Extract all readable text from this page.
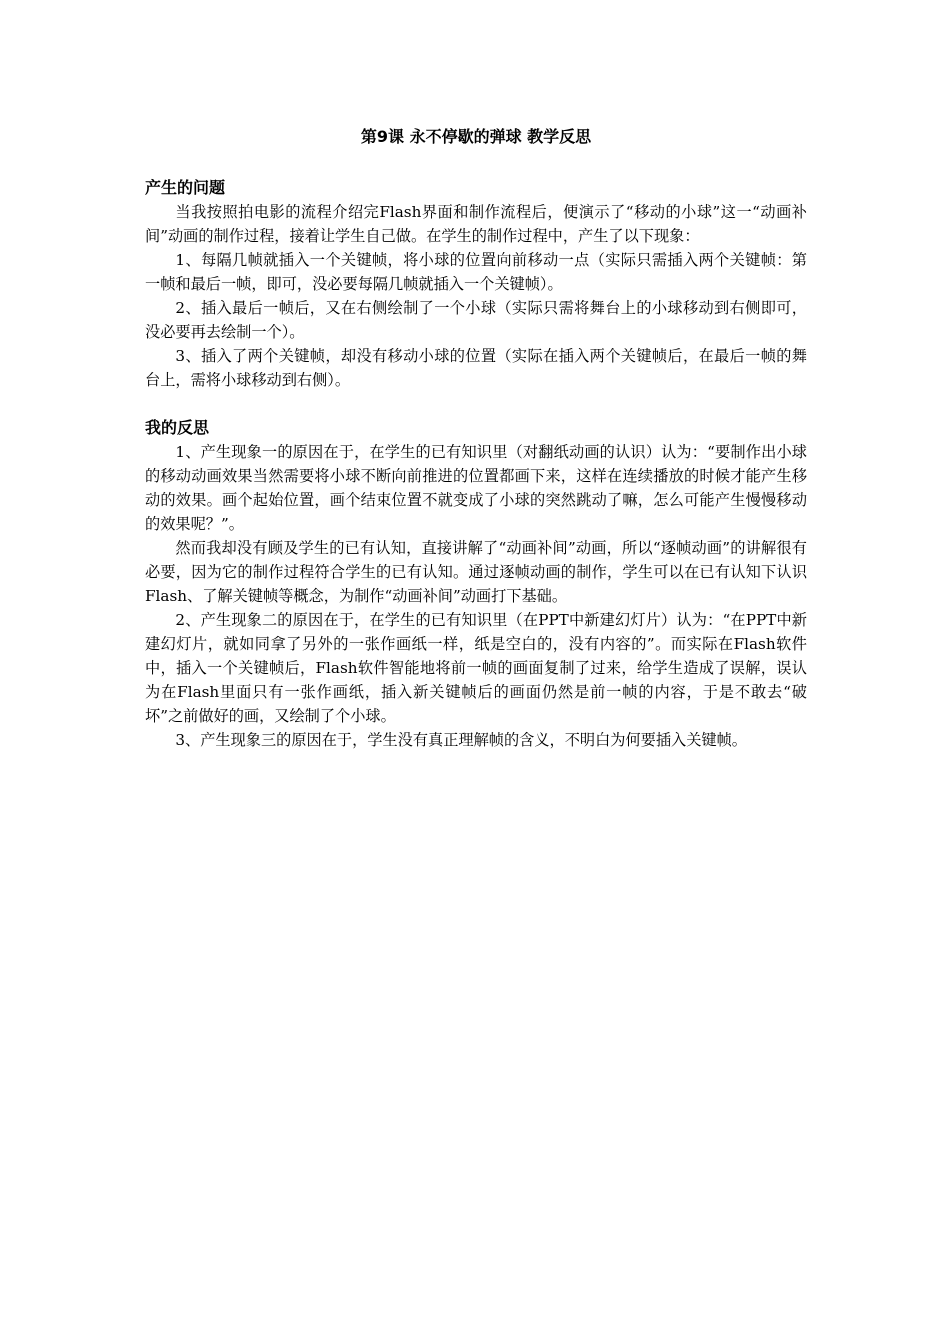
第9课 永不停歇的弹球 教学反思
产生的问题

当我按照拍电影的流程介绍完Flash界面和制作流程后，便演示了“移动的小球”这一“动画补间”动画的制作过程，接着让学生自己做。在学生的制作过程中，产生了以下现象：

1、每隔几帧就插入一个关键帧，将小球的位置向前移动一点（实际只需插入两个关键帧：第一帧和最后一帧，即可，没必要每隔几帧就插入一个关键帧）。

2、插入最后一帧后，又在右侧绘制了一个小球（实际只需将舞台上的小球移动到右侧即可，没必要再去绘制一个）。

3、插入了两个关键帧，却没有移动小球的位置（实际在插入两个关键帧后，在最后一帧的舞台上，需将小球移动到右侧）。

我的反思

1、产生现象一的原因在于，在学生的已有知识里（对翻纸动画的认识）认为：“要制作出小球的移动动画效果当然需要将小球不断向前推进的位置都画下来，这样在连续播放的时候才能产生移动的效果。画个起始位置，画个结束位置不就变成了小球的突然跳动了嘛，怎么可能产生慢慢移动的效果呢？”。

然而我却没有顾及学生的已有认知，直接讲解了“动画补间”动画，所以“逐帧动画”的讲解很有必要，因为它的制作过程符合学生的已有认知。通过逐帧动画的制作，学生可以在已有认知下认识Flash、了解关键帧等概念，为制作“动画补间”动画打下基础。

2、产生现象二的原因在于，在学生的已有知识里（在PPT中新建幻灯片）认为：“在PPT中新建幻灯片，就如同拿了另外的一张作画纸一样，纸是空白的，没有内容的”。而实际在Flash软件中，插入一个关键帧后，Flash软件智能地将前一帧的画面复制了过来，给学生造成了误解，误认为在Flash里面只有一张作画纸，插入新关键帧后的画面仍然是前一帧的内容，于是不敢去“破坏”之前做好的画，又绘制了个小球。

3、产生现象三的原因在于，学生没有真正理解帧的含义，不明白为何要插入关键帧。
